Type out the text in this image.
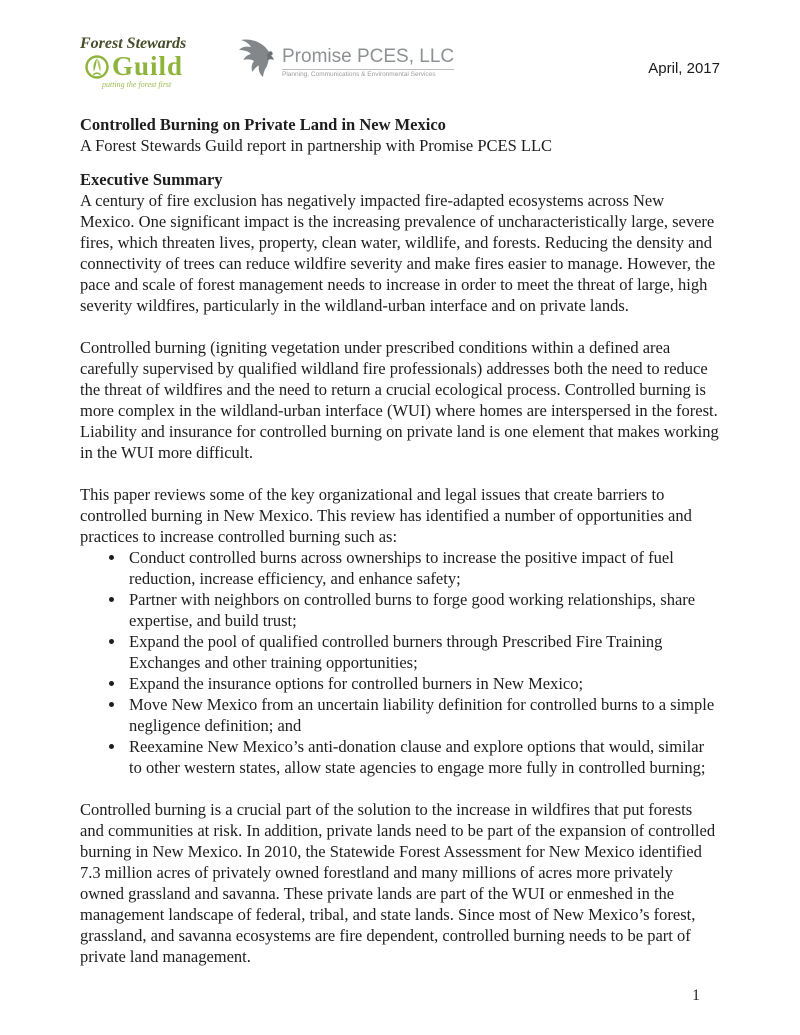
Forest Stewards
Guild
putting the forest first
Promise PCES, LLC
Planning, Communications & Environmental Services	April, 2017
Controlled Burning on Private Land in New Mexico
A Forest Stewards Guild report in partnership with Promise PCES LLC
Executive Summary

A century of fire exclusion has negatively impacted fire-adapted ecosystems across New Mexico. One significant impact is the increasing prevalence of uncharacteristically large, severe fires, which threaten lives, property, clean water, wildlife, and forests. Reducing the density and connectivity of trees can reduce wildfire severity and make fires easier to manage. However, the pace and scale of forest management needs to increase in order to meet the threat of large, high severity wildfires, particularly in the wildland-urban interface and on private lands.

Controlled burning (igniting vegetation under prescribed conditions within a defined area carefully supervised by qualified wildland fire professionals) addresses both the need to reduce the threat of wildfires and the need to return a crucial ecological process. Controlled burning is more complex in the wildland-urban interface (WUI) where homes are interspersed in the forest. Liability and insurance for controlled burning on private land is one element that makes working in the WUI more difficult.

This paper reviews some of the key organizational and legal issues that create barriers to controlled burning in New Mexico. This review has identified a number of opportunities and practices to increase controlled burning such as:

• Conduct controlled burns across ownerships to increase the positive impact of fuel reduction, increase efficiency, and enhance safety;
• Partner with neighbors on controlled burns to forge good working relationships, share expertise, and build trust;
• Expand the pool of qualified controlled burners through Prescribed Fire Training Exchanges and other training opportunities;
• Expand the insurance options for controlled burners in New Mexico;
• Move New Mexico from an uncertain liability definition for controlled burns to a simple negligence definition; and
• Reexamine New Mexico’s anti-donation clause and explore options that would, similar to other western states, allow state agencies to engage more fully in controlled burning;

Controlled burning is a crucial part of the solution to the increase in wildfires that put forests and communities at risk. In addition, private lands need to be part of the expansion of controlled burning in New Mexico. In 2010, the Statewide Forest Assessment for New Mexico identified 7.3 million acres of privately owned forestland and many millions of acres more privately owned grassland and savanna. These private lands are part of the WUI or enmeshed in the management landscape of federal, tribal, and state lands. Since most of New Mexico’s forest, grassland, and savanna ecosystems are fire dependent, controlled burning needs to be part of private land management.

1
